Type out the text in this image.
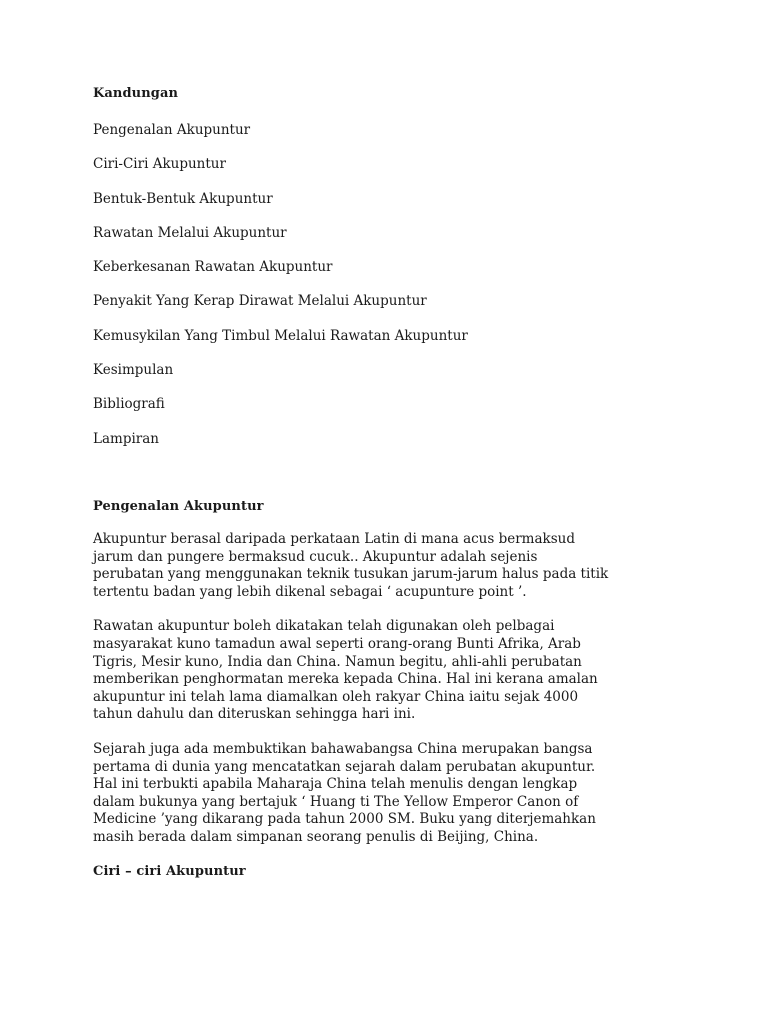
Kandungan

Pengenalan Akupuntur
Ciri-Ciri Akupuntur
Bentuk-Bentuk Akupuntur
Rawatan Melalui Akupuntur
Keberkesanan Rawatan Akupuntur
Penyakit Yang Kerap Dirawat Melalui Akupuntur
Kemusykilan Yang Timbul Melalui Rawatan Akupuntur
Kesimpulan
Bibliografi
Lampiran

Pengenalan Akupuntur

Akupuntur berasal daripada perkataan Latin di mana acus bermaksud
jarum dan pungere bermaksud cucuk.. Akupuntur adalah sejenis
perubatan yang menggunakan teknik tusukan jarum-jarum halus pada titik
tertentu badan yang lebih dikenal sebagai ‘ acupunture point ’.

Rawatan akupuntur boleh dikatakan telah digunakan oleh pelbagai
masyarakat kuno tamadun awal seperti orang-orang Bunti Afrika, Arab
Tigris, Mesir kuno, India dan China. Namun begitu, ahli-ahli perubatan
memberikan penghormatan mereka kepada China. Hal ini kerana amalan
akupuntur ini telah lama diamalkan oleh rakyar China iaitu sejak 4000
tahun dahulu dan diteruskan sehingga hari ini.

Sejarah juga ada membuktikan bahawabangsa China merupakan bangsa
pertama di dunia yang mencatatkan sejarah dalam perubatan akupuntur.
Hal ini terbukti apabila Maharaja China telah menulis dengan lengkap
dalam bukunya yang bertajuk ‘ Huang ti The Yellow Emperor Canon of
Medicine ’yang dikarang pada tahun 2000 SM. Buku yang diterjemahkan
masih berada dalam simpanan seorang penulis di Beijing, China.

Ciri – ciri Akupuntur
